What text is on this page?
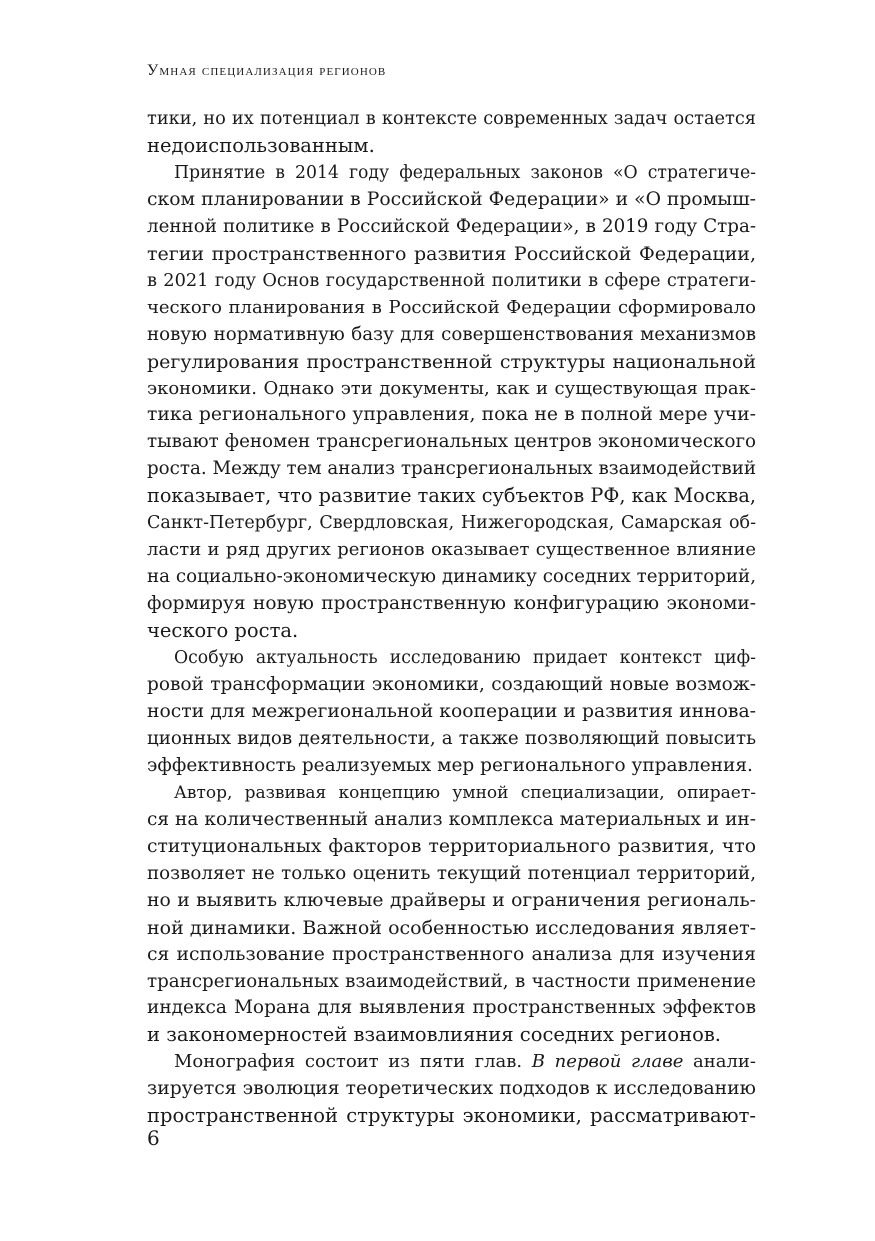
Умная специализация регионов

тики, но их потенциал в контексте современных задач остается
недоиспользованным.

Принятие в 2014 году федеральных законов «О стратегиче-
ском планировании в Российской Федерации» и «О промыш-
ленной политике в Российской Федерации», в 2019 году Стра-
тегии пространственного развития Российской Федерации,
в 2021 году Основ государственной политики в сфере стратеги-
ческого планирования в Российской Федерации сформировало
новую нормативную базу для совершенствования механизмов
регулирования пространственной структуры национальной
экономики. Однако эти документы, как и существующая прак-
тика регионального управления, пока не в полной мере учи-
тывают феномен трансрегиональных центров экономического
роста. Между тем анализ трансрегиональных взаимодействий
показывает, что развитие таких субъектов РФ, как Москва,
Санкт-Петербург, Свердловская, Нижегородская, Самарская об-
ласти и ряд других регионов оказывает существенное влияние
на социально-экономическую динамику соседних территорий,
формируя новую пространственную конфигурацию экономи-
ческого роста.

Особую актуальность исследованию придает контекст циф-
ровой трансформации экономики, создающий новые возмож-
ности для межрегиональной кооперации и развития иннова-
ционных видов деятельности, а также позволяющий повысить
эффективность реализуемых мер регионального управления.

Автор, развивая концепцию умной специализации, опирает-
ся на количественный анализ комплекса материальных и ин-
ституциональных факторов территориального развития, что
позволяет не только оценить текущий потенциал территорий,
но и выявить ключевые драйверы и ограничения региональ-
ной динамики. Важной особенностью исследования являет-
ся использование пространственного анализа для изучения
трансрегиональных взаимодействий, в частности применение
индекса Морана для выявления пространственных эффектов
и закономерностей взаимовлияния соседних регионов.

Монография состоит из пяти глав. В первой главе анали-
зируется эволюция теоретических подходов к исследованию
пространственной структуры экономики, рассматривают-

6
